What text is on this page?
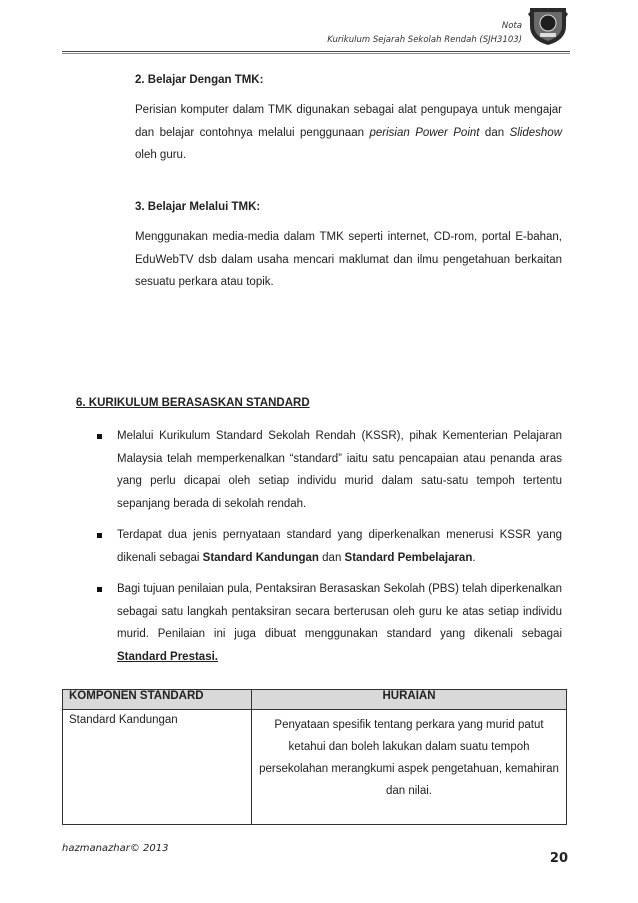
Nota
Kurikulum Sejarah Sekolah Rendah (SJH3103)
2. Belajar Dengan TMK:
Perisian komputer dalam TMK digunakan sebagai alat pengupaya untuk mengajar dan belajar contohnya melalui penggunaan perisian Power Point dan Slideshow oleh guru.
3. Belajar Melalui TMK:
Menggunakan media-media dalam TMK seperti internet, CD-rom, portal E-bahan, EduWebTV dsb dalam usaha mencari maklumat dan ilmu pengetahuan berkaitan sesuatu perkara atau topik.
6. KURIKULUM BERASASKAN STANDARD
Melalui Kurikulum Standard Sekolah Rendah (KSSR), pihak Kementerian Pelajaran Malaysia telah memperkenalkan “standard” iaitu satu pencapaian atau penanda aras yang perlu dicapai oleh setiap individu murid dalam satu-satu tempoh tertentu sepanjang berada di sekolah rendah.
Terdapat dua jenis pernyataan standard yang diperkenalkan menerusi KSSR yang dikenali sebagai Standard Kandungan dan Standard Pembelajaran.
Bagi tujuan penilaian pula, Pentaksiran Berasaskan Sekolah (PBS) telah diperkenalkan sebagai satu langkah pentaksiran secara berterusan oleh guru ke atas setiap individu murid. Penilaian ini juga dibuat menggunakan standard yang dikenali sebagai Standard Prestasi.
KOMPONEN STANDARD	HURAIAN
Standard Kandungan	Penyataan spesifik tentang perkara yang murid patut ketahui dan boleh lakukan dalam suatu tempoh persekolahan merangkumi aspek pengetahuan, kemahiran dan nilai.
hazmanazhar© 2013
20
